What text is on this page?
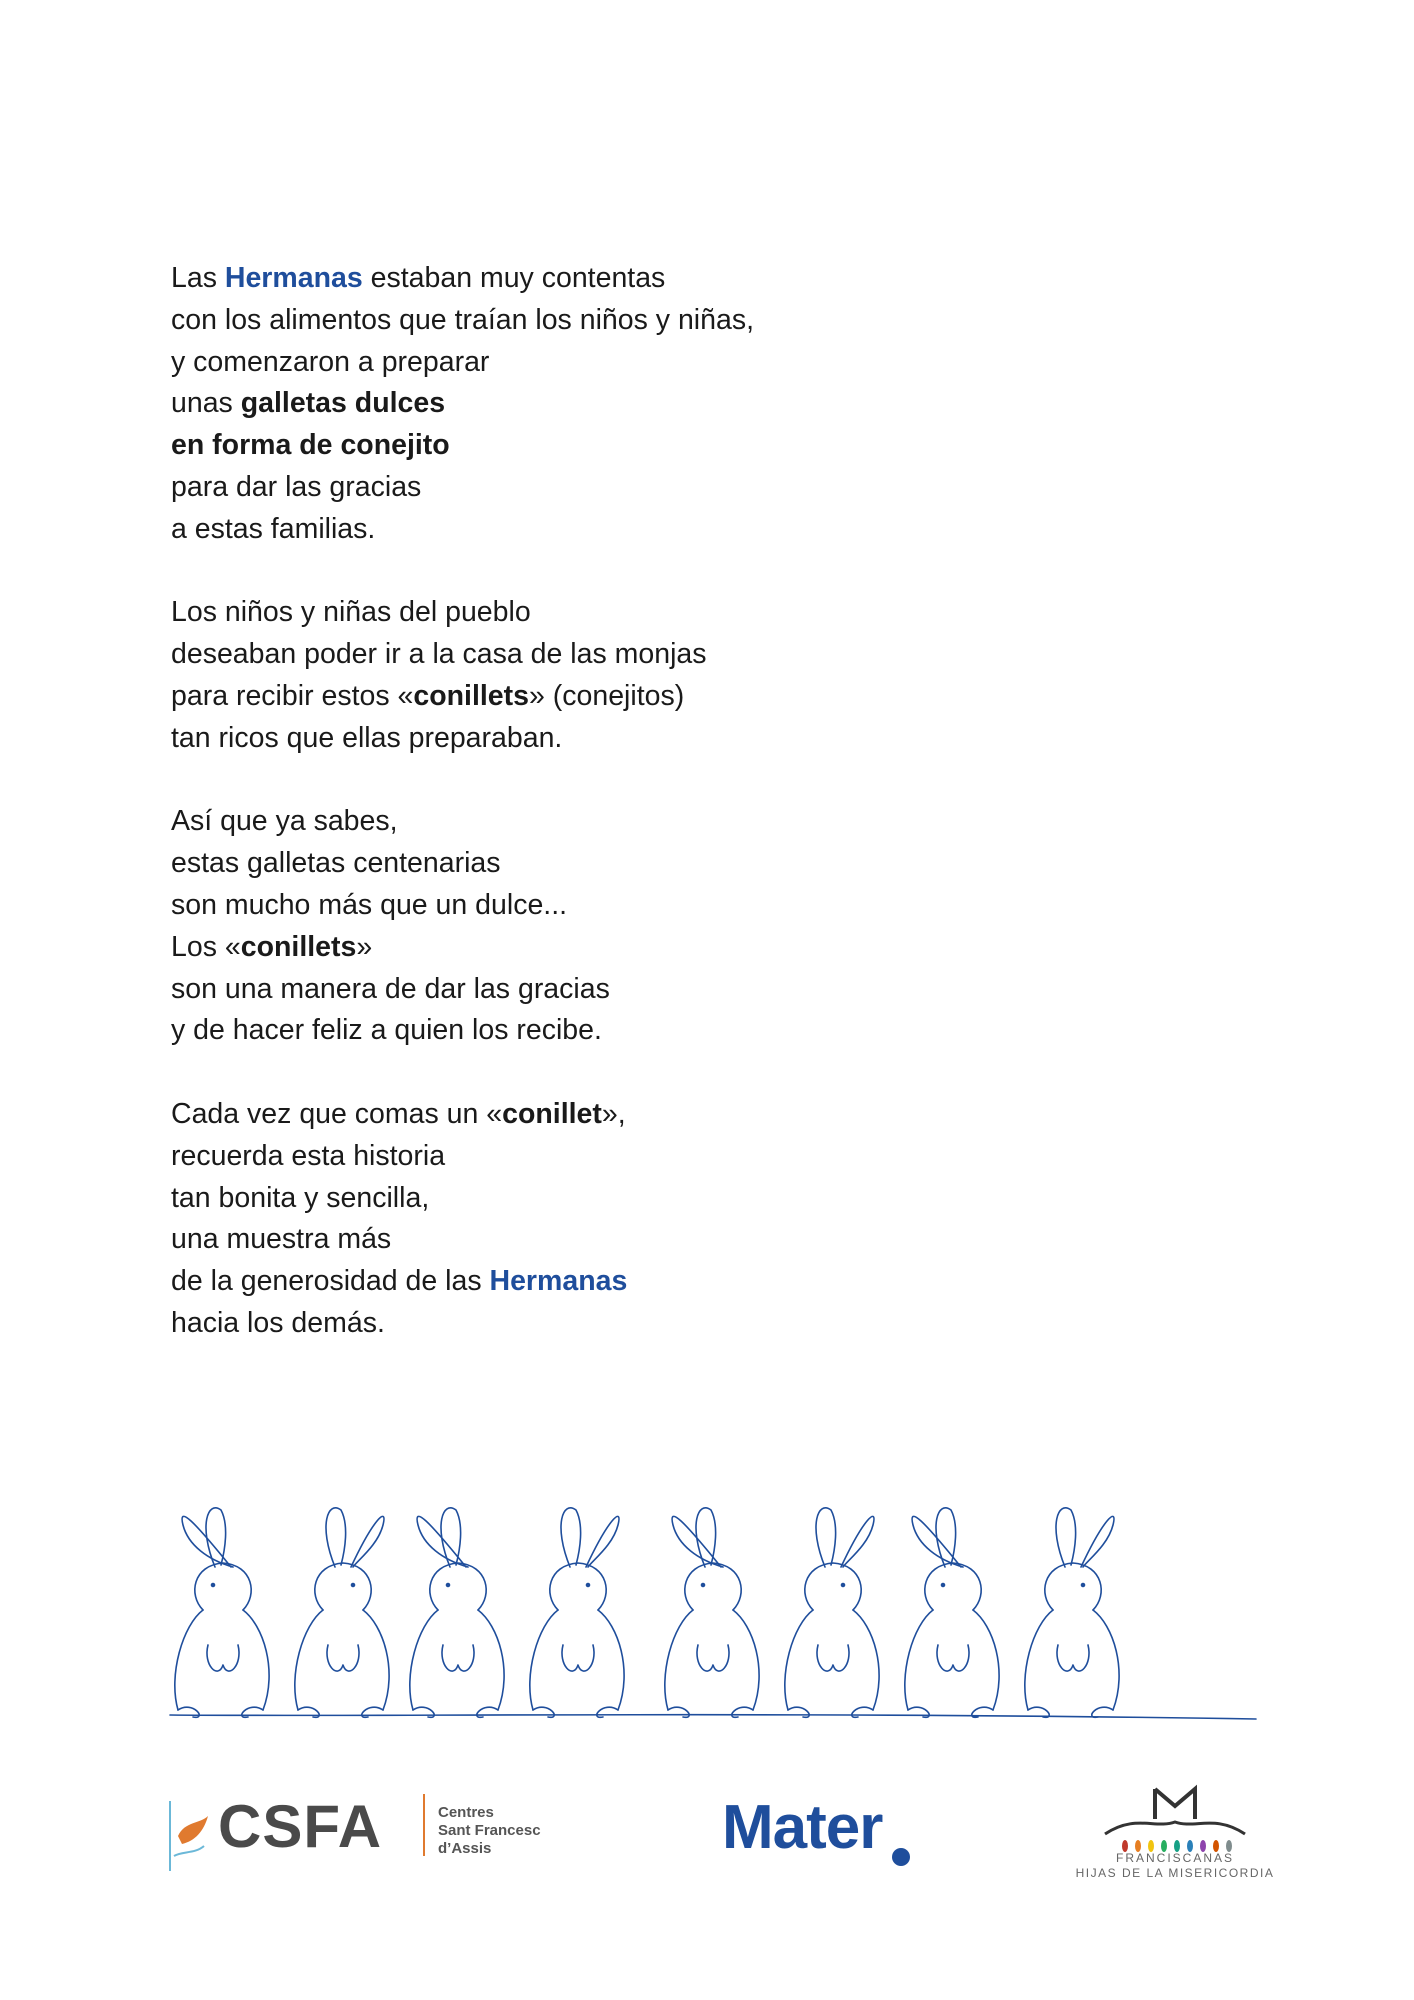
Las Hermanas estaban muy contentas
con los alimentos que traían los niños y niñas,
y comenzaron a preparar
unas galletas dulces
en forma de conejito
para dar las gracias
a estas familias.
Los niños y niñas del pueblo
deseaban poder ir a la casa de las monjas
para recibir estos «conillets» (conejitos)
tan ricos que ellas preparaban.
Así que ya sabes,
estas galletas centenarias
son mucho más que un dulce...
Los «conillets»
son una manera de dar las gracias
y de hacer feliz a quien los recibe.
Cada vez que comas un «conillet»,
recuerda esta historia
tan bonita y sencilla,
una muestra más
de la generosidad de las Hermanas
hacia los demás.
CSFA	Centres
Sant Francesc
d’Assis	Mater	FRANCISCANAS
HIJAS DE LA MISERICORDIA
